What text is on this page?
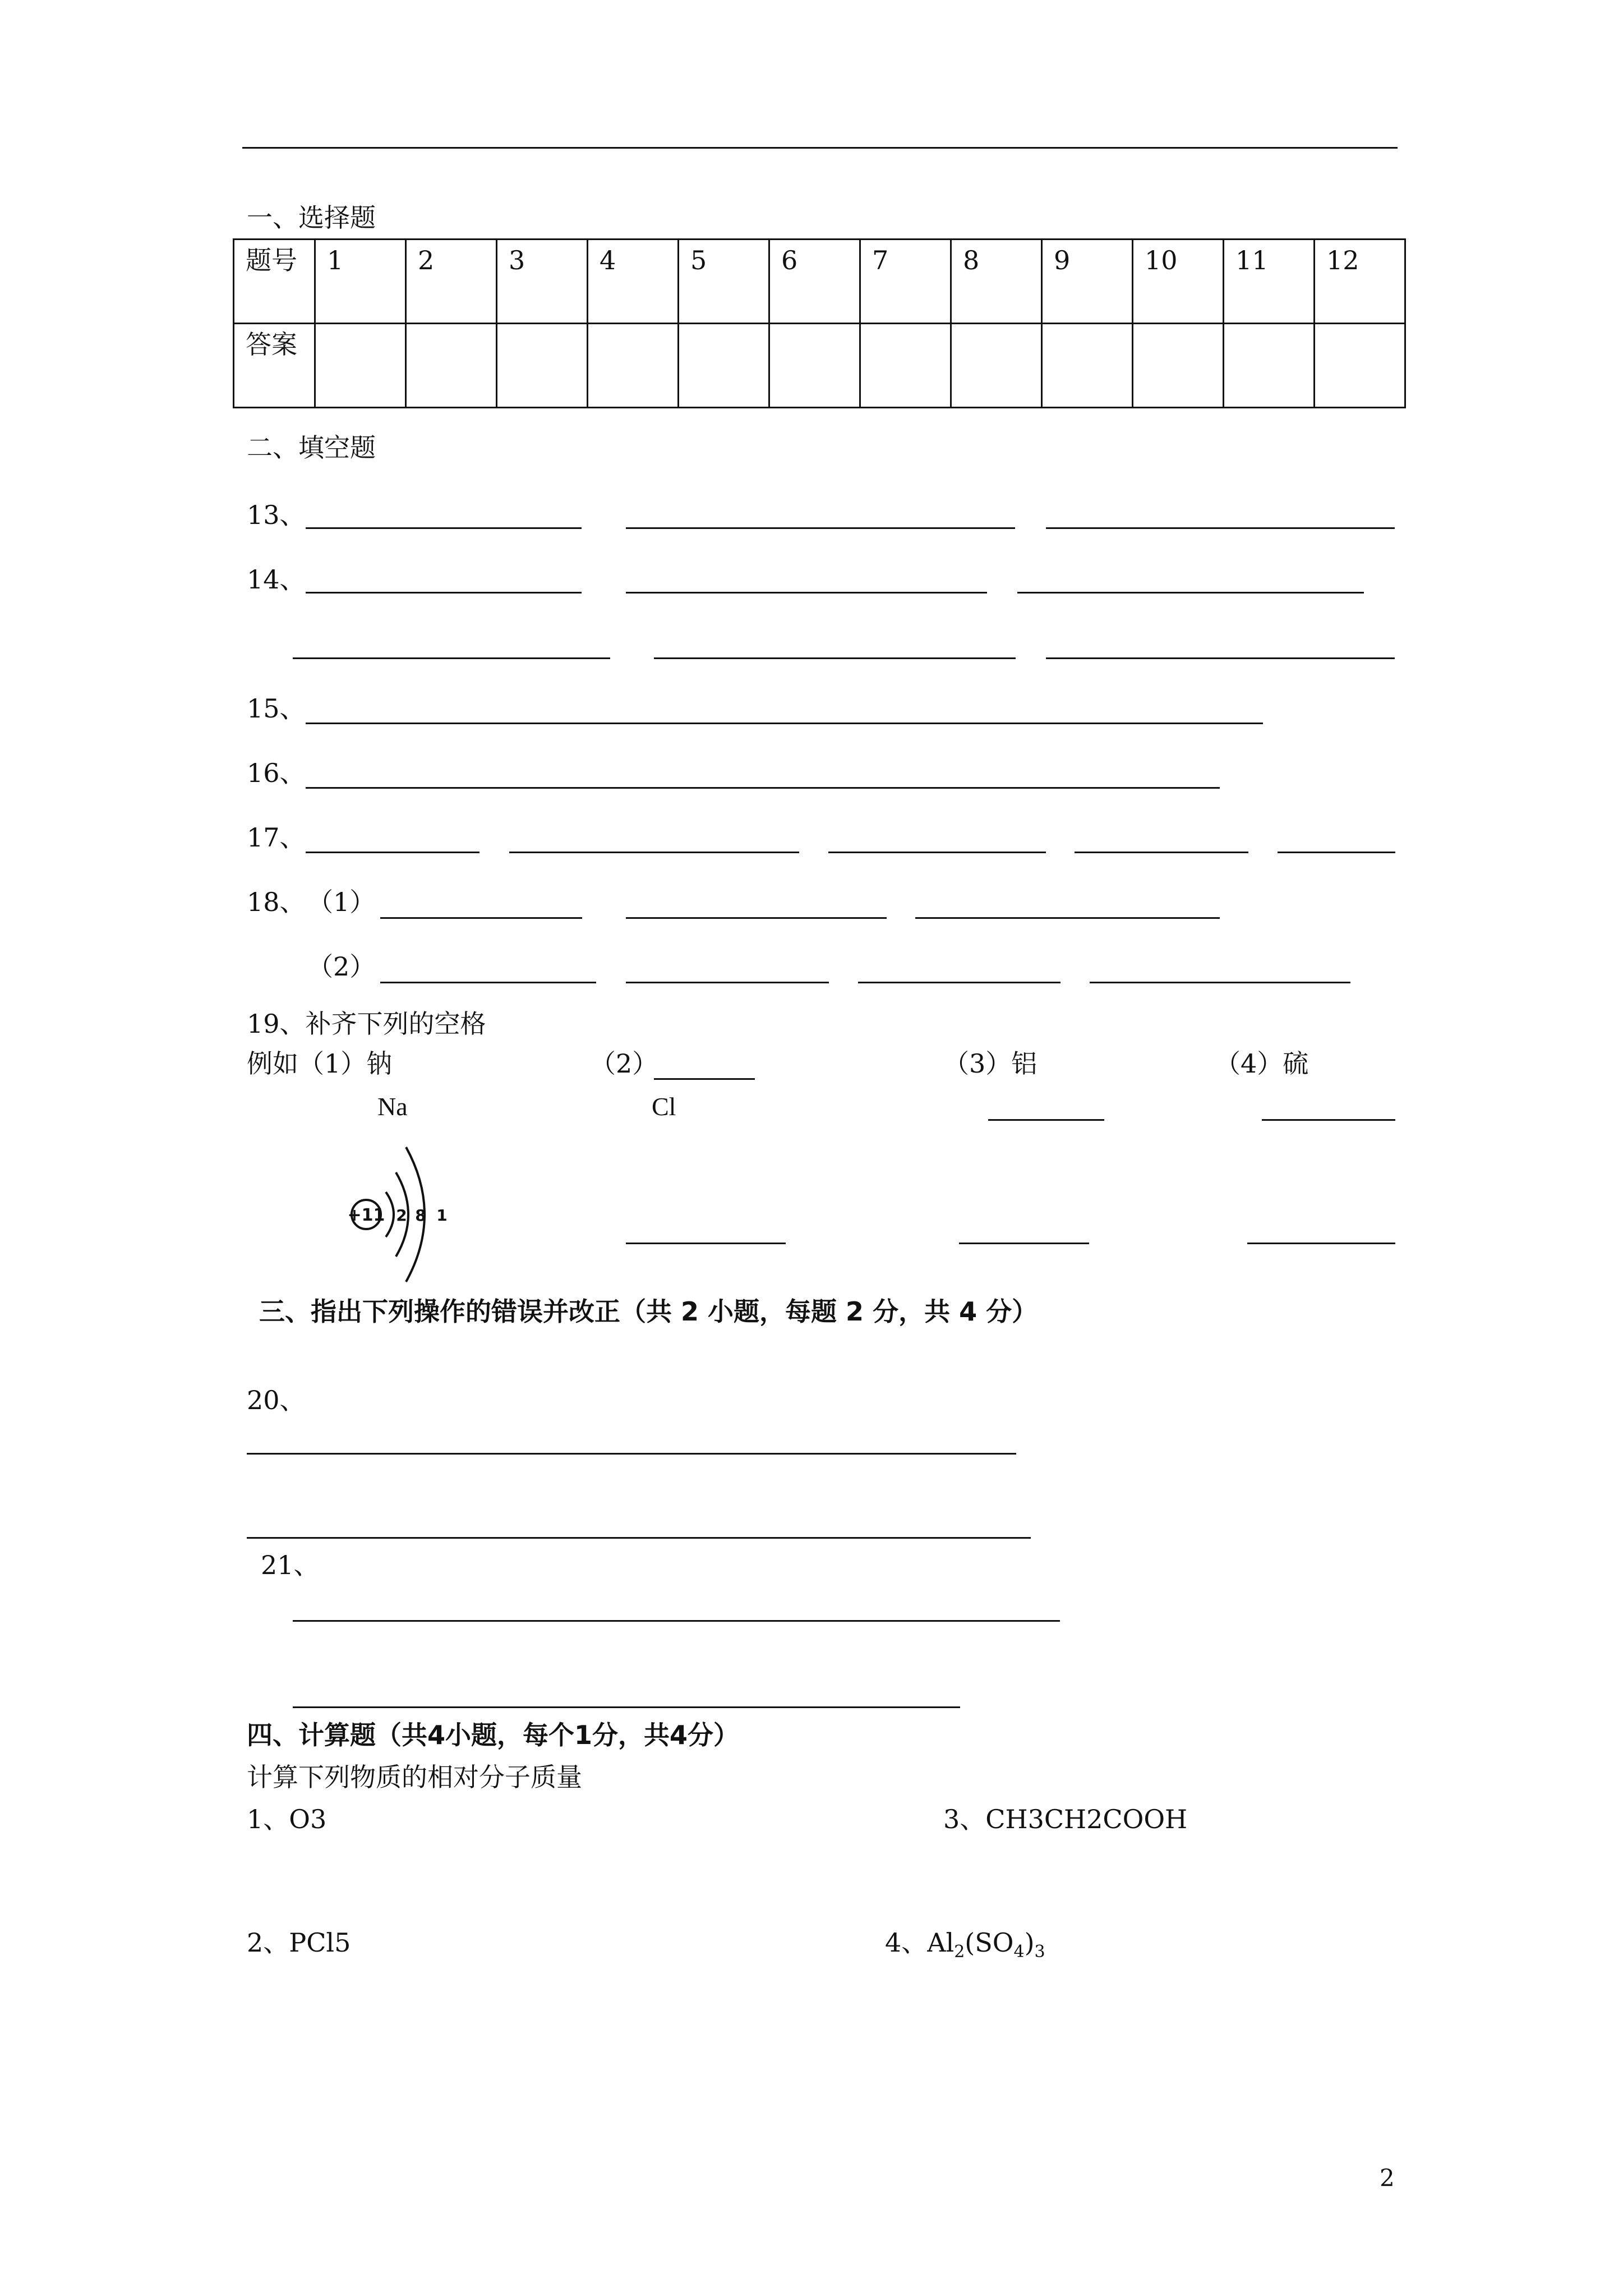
一、选择题
题号	1	2	3	4	5	6	7	8	9	10	11	12
答案												
二、填空题
13、
14、
15、
16、
17、
18、 （1）
（2）
19、补齐下列的空格
例如（1）钠	（2）	（3）铝	（4）硫
Na	Cl
+11 2 8 1
三、指出下列操作的错误并改正（共 2 小题，每题 2 分，共 4 分）
20、
21、
四、计算题（共4小题，每个1分，共4分）
计算下列物质的相对分子质量
1、O3	3、CH3CH2COOH
2、PCl5	4、$Al_2(SO_4)_3$
2
